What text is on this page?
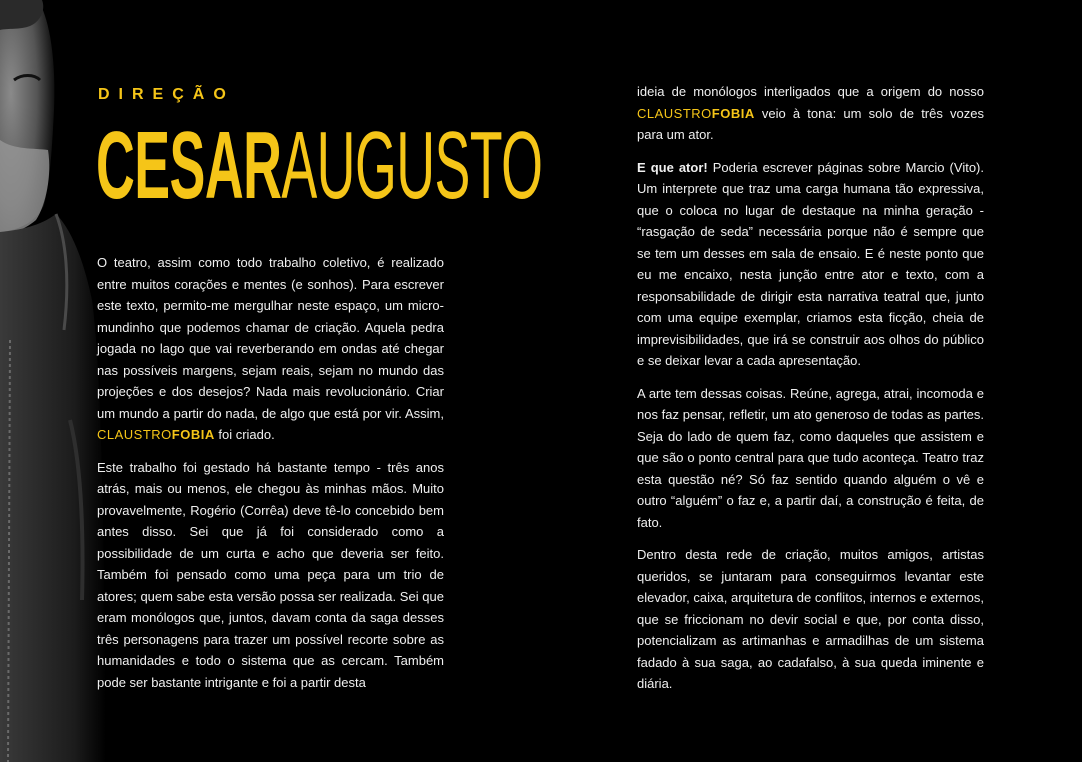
DIREÇÃO
CESARAUGUSTO

O teatro, assim como todo trabalho coletivo, é realizado entre muitos corações e mentes (e sonhos). Para escrever este texto, permito-me mergulhar neste espaço, um micro-mundinho que podemos chamar de criação. Aquela pedra jogada no lago que vai reverberando em ondas até chegar nas possíveis margens, sejam reais, sejam no mundo das projeções e dos desejos? Nada mais revolucionário. Criar um mundo a partir do nada, de algo que está por vir. Assim, CLAUSTROFOBIA foi criado.

Este trabalho foi gestado há bastante tempo - três anos atrás, mais ou menos, ele chegou às minhas mãos. Muito provavelmente, Rogério (Corrêa) deve tê-lo concebido bem antes disso. Sei que já foi considerado como a possibilidade de um curta e acho que deveria ser feito. Também foi pensado como uma peça para um trio de atores; quem sabe esta versão possa ser realizada. Sei que eram monólogos que, juntos, davam conta da saga desses três personagens para trazer um possível recorte sobre as humanidades e todo o sistema que as cercam. Também pode ser bastante intrigante e foi a partir desta

ideia de monólogos interligados que a origem do nosso CLAUSTROFOBIA veio à tona: um solo de três vozes para um ator.

E que ator! Poderia escrever páginas sobre Marcio (Vito). Um interprete que traz uma carga humana tão expressiva, que o coloca no lugar de destaque na minha geração - “rasgação de seda” necessária porque não é sempre que se tem um desses em sala de ensaio. E é neste ponto que eu me encaixo, nesta junção entre ator e texto, com a responsabilidade de dirigir esta narrativa teatral que, junto com uma equipe exemplar, criamos esta ficção, cheia de imprevisibilidades, que irá se construir aos olhos do público e se deixar levar a cada apresentação.

A arte tem dessas coisas. Reúne, agrega, atrai, incomoda e nos faz pensar, refletir, um ato generoso de todas as partes. Seja do lado de quem faz, como daqueles que assistem e que são o ponto central para que tudo aconteça. Teatro traz esta questão né? Só faz sentido quando alguém o vê e outro “alguém” o faz e, a partir daí, a construção é feita, de fato.

Dentro desta rede de criação, muitos amigos, artistas queridos, se juntaram para conseguirmos levantar este elevador, caixa, arquitetura de conflitos, internos e externos, que se friccionam no devir social e que, por conta disso, potencializam as artimanhas e armadilhas de um sistema fadado à sua saga, ao cadafalso, à sua queda iminente e diária.
